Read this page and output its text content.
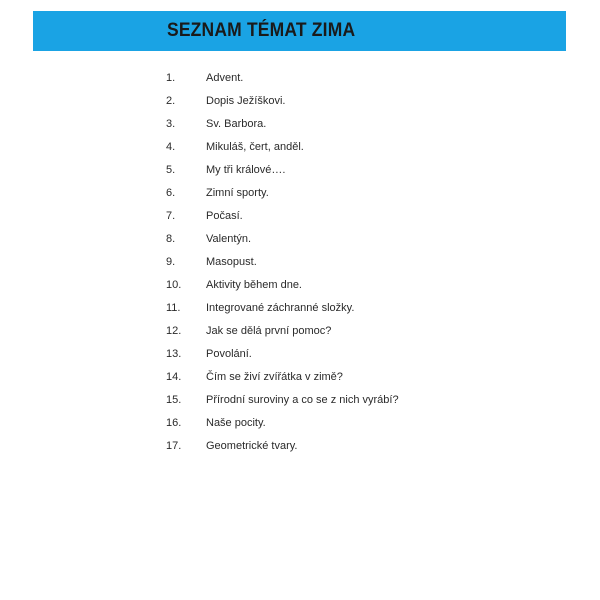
SEZNAM TÉMAT ZIMA
1.	Advent.
2.	Dopis Ježíškovi.
3.	Sv. Barbora.
4.	Mikuláš, čert, anděl.
5.	My tři králové….
6.	Zimní sporty.
7.	Počasí.
8.	Valentýn.
9.	Masopust.
10. Aktivity během dne.
11. Integrované záchranné složky.
12. Jak se dělá první pomoc?
13. Povolání.
14. Čím se živí zvířátka v zimě?
15. Přírodní suroviny a co se z nich vyrábí?
16. Naše pocity.
17. Geometrické tvary.
